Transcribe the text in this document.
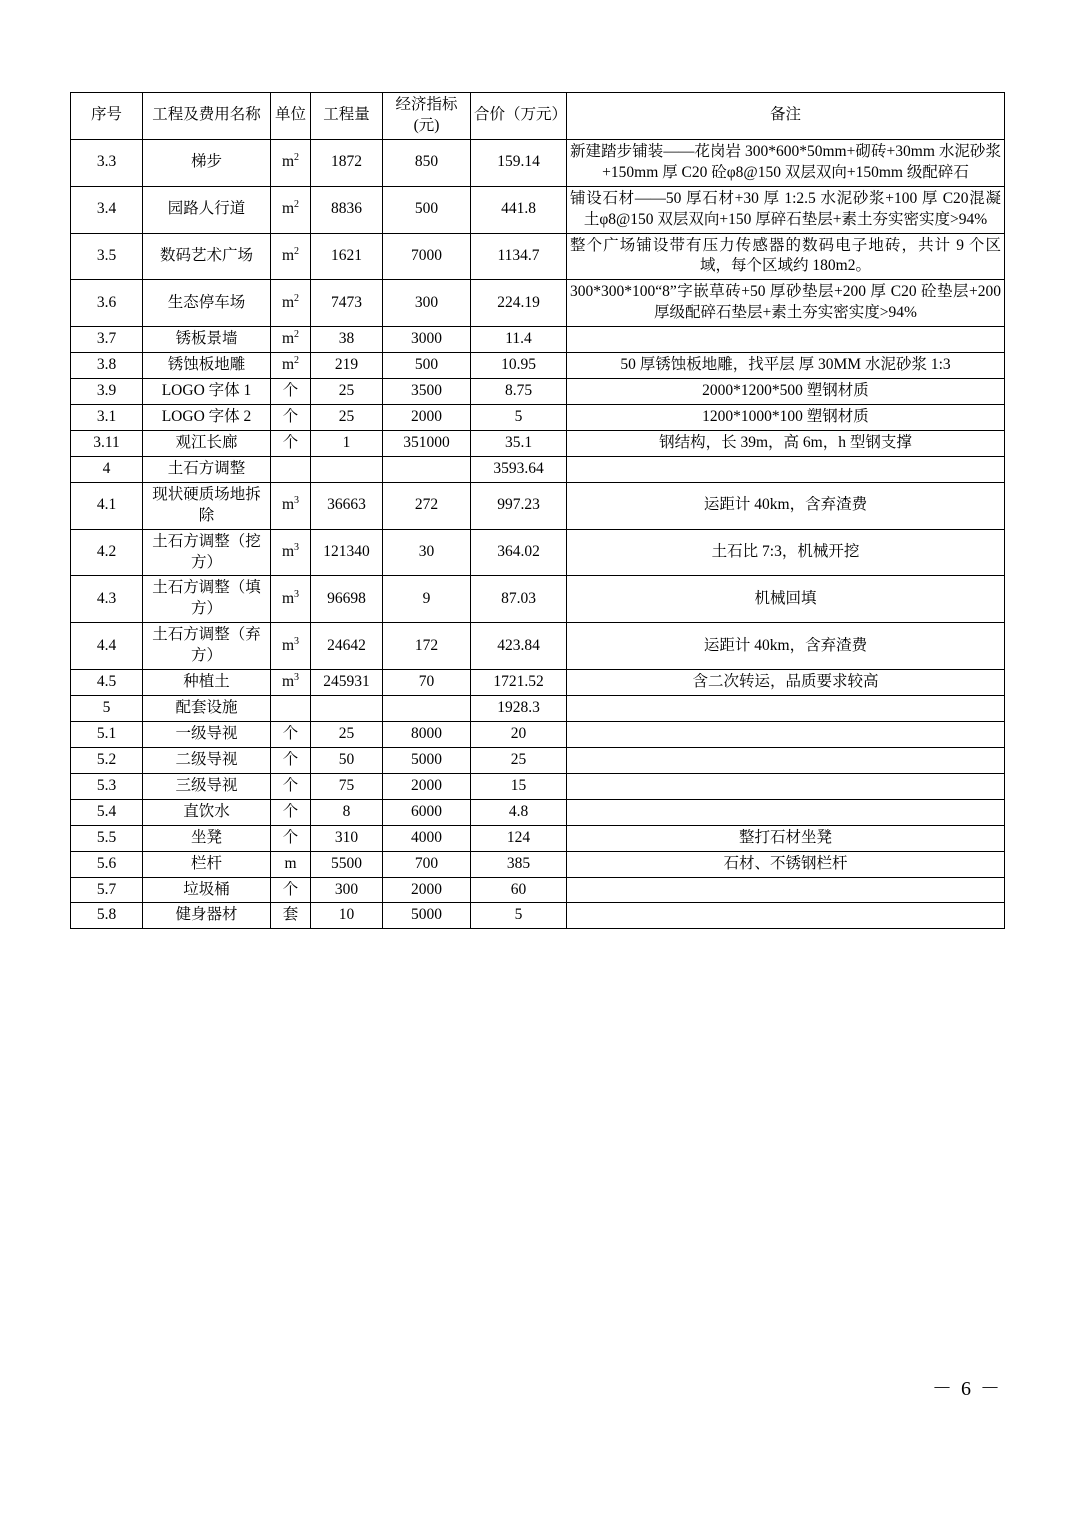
序号	工程及费用名称	单位	工程量	经济指标(元)	合价（万元）	备注
3.3	梯步	$m^2$	1872	850	159.14	新建踏步铺装——花岗岩 300*600*50mm+砌砖+30mm 水泥砂浆+150mm 厚 C20 砼φ8@150 双层双向+150mm 级配碎石
3.4	园路人行道	$m^2$	8836	500	441.8	铺设石材——50 厚石材+30 厚 1:2.5 水泥砂浆+100 厚 C20混凝土φ8@150 双层双向+150 厚碎石垫层+素土夯实密实度>94%
3.5	数码艺术广场	$m^2$	1621	7000	1134.7	整个广场铺设带有压力传感器的数码电子地砖，共计 9 个区域，每个区域约 180m2。
3.6	生态停车场	$m^2$	7473	300	224.19	300*300*100“8”字嵌草砖+50 厚砂垫层+200 厚 C20 砼垫层+200 厚级配碎石垫层+素土夯实密实度>94%
3.7	锈板景墙	$m^2$	38	3000	11.4	
3.8	锈蚀板地雕	$m^2$	219	500	10.95	50 厚锈蚀板地雕，找平层 厚 30MM 水泥砂浆 1:3
3.9	LOGO 字体 1	个	25	3500	8.75	2000*1200*500 塑钢材质
3.1	LOGO 字体 2	个	25	2000	5	1200*1000*100 塑钢材质
3.11	观江长廊	个	1	351000	35.1	钢结构，长 39m，高 6m，h 型钢支撑
4	土石方调整				3593.64	
4.1	现状硬质场地拆除	$m^3$	36663	272	997.23	运距计 40km，含弃渣费
4.2	土石方调整（挖方）	$m^3$	121340	30	364.02	土石比 7:3，机械开挖
4.3	土石方调整（填方）	$m^3$	96698	9	87.03	机械回填
4.4	土石方调整（弃方）	$m^3$	24642	172	423.84	运距计 40km，含弃渣费
4.5	种植土	$m^3$	245931	70	1721.52	含二次转运，品质要求较高
5	配套设施				1928.3	
5.1	一级导视	个	25	8000	20	
5.2	二级导视	个	50	5000	25	
5.3	三级导视	个	75	2000	15	
5.4	直饮水	个	8	6000	4.8	
5.5	坐凳	个	310	4000	124	整打石材坐凳
5.6	栏杆	m	5500	700	385	石材、不锈钢栏杆
5.7	垃圾桶	个	300	2000	60	
5.8	健身器材	套	10	5000	5	
－ 6 －
